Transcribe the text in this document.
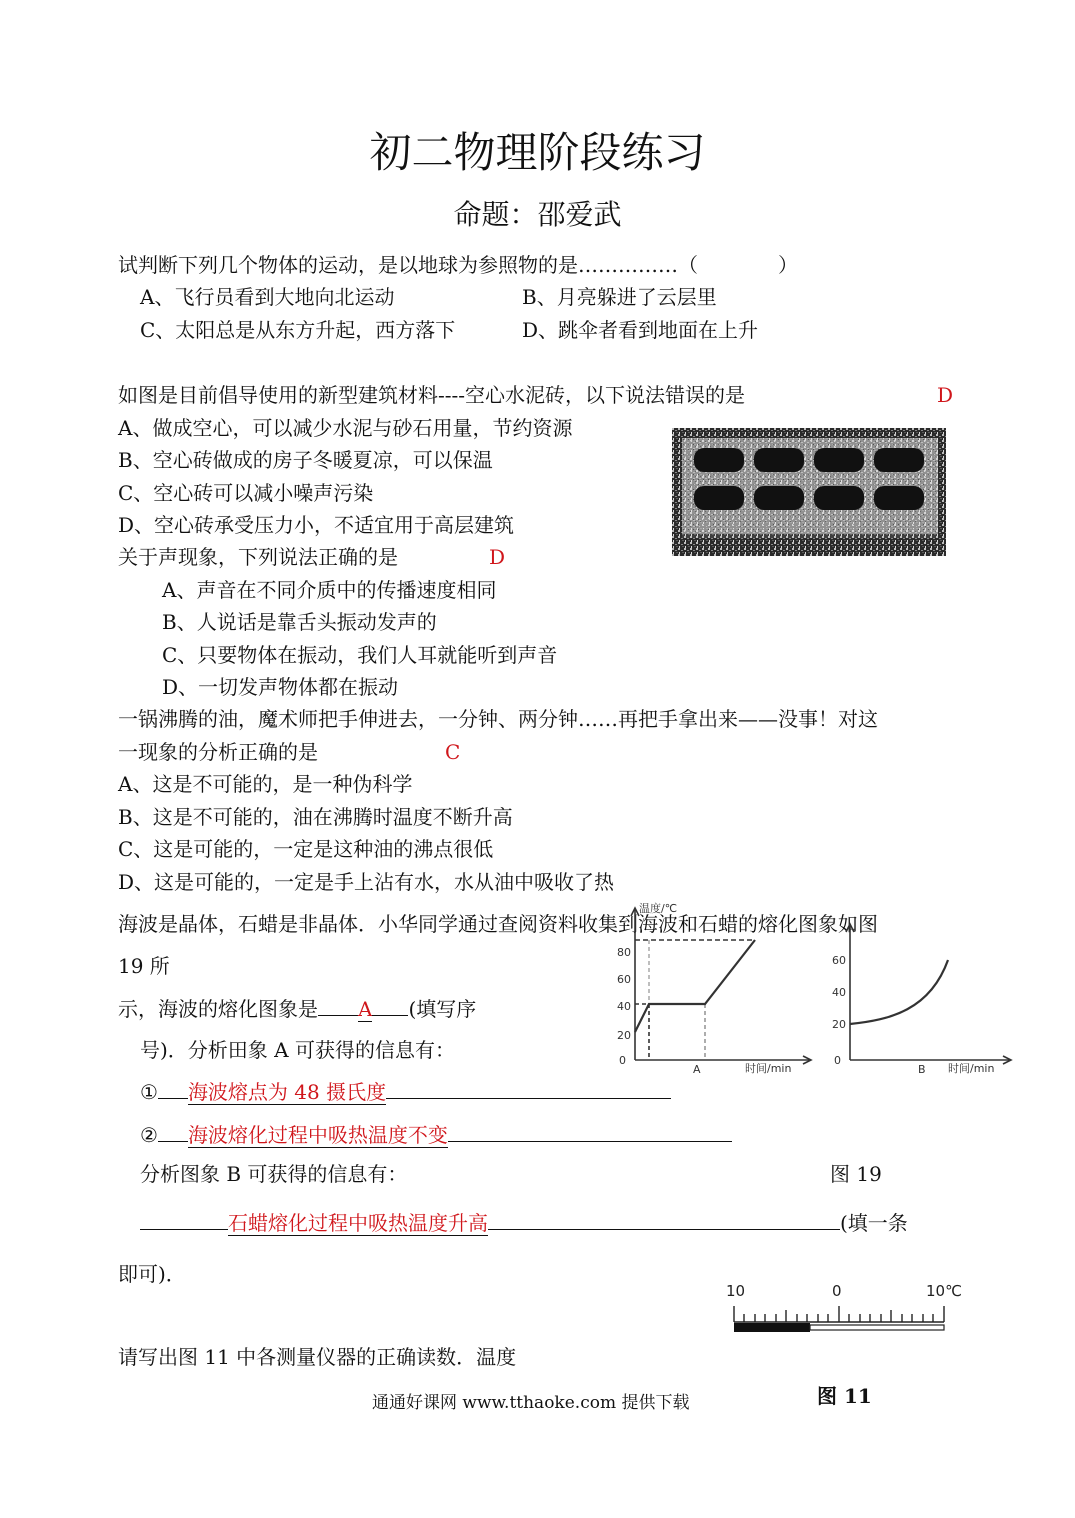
初二物理阶段练习
命题：邵爱武
试判断下列几个物体的运动，是以地球为参照物的是……………（　　　　）
A、飞行员看到大地向北运动	B、月亮躲进了云层里
C、太阳总是从东方升起，西方落下	D、跳伞者看到地面在上升
如图是目前倡导使用的新型建筑材料----空心水泥砖，以下说法错误的是	D
A、做成空心，可以减少水泥与砂石用量，节约资源
B、空心砖做成的房子冬暖夏凉，可以保温
C、空心砖可以减小噪声污染
D、空心砖承受压力小，不适宜用于高层建筑
关于声现象，下列说法正确的是	D
A、声音在不同介质中的传播速度相同
B、人说话是靠舌头振动发声的
C、只要物体在振动，我们人耳就能听到声音
D、一切发声物体都在振动
一锅沸腾的油，魔术师把手伸进去，一分钟、两分钟……再把手拿出来——没事！对这
一现象的分析正确的是	C
A、这是不可能的，是一种伪科学
B、这是不可能的，油在沸腾时温度不断升高
C、这是可能的，一定是这种油的沸点很低
D、这是可能的，一定是手上沾有水，水从油中吸收了热
海波是晶体，石蜡是非晶体．小华同学通过查阅资料收集到海波和石蜡的熔化图象如图
19 所
示，海波的熔化图象是 A (填写序
号)．分析田象 A 可获得的信息有：
① 海波熔点为 48 摄氏度
② 海波熔化过程中吸热温度不变
分析图象 B 可获得的信息有：	图 19
石蜡熔化过程中吸热温度升高	(填一条
即可)．
温度/℃
0
20
40
60
80
A	时间/min
0
20
40
60
B 时间/min
10	0	10℃
请写出图 11 中各测量仪器的正确读数．温度
图 11
通通好课网 www.tthaoke.com 提供下载
